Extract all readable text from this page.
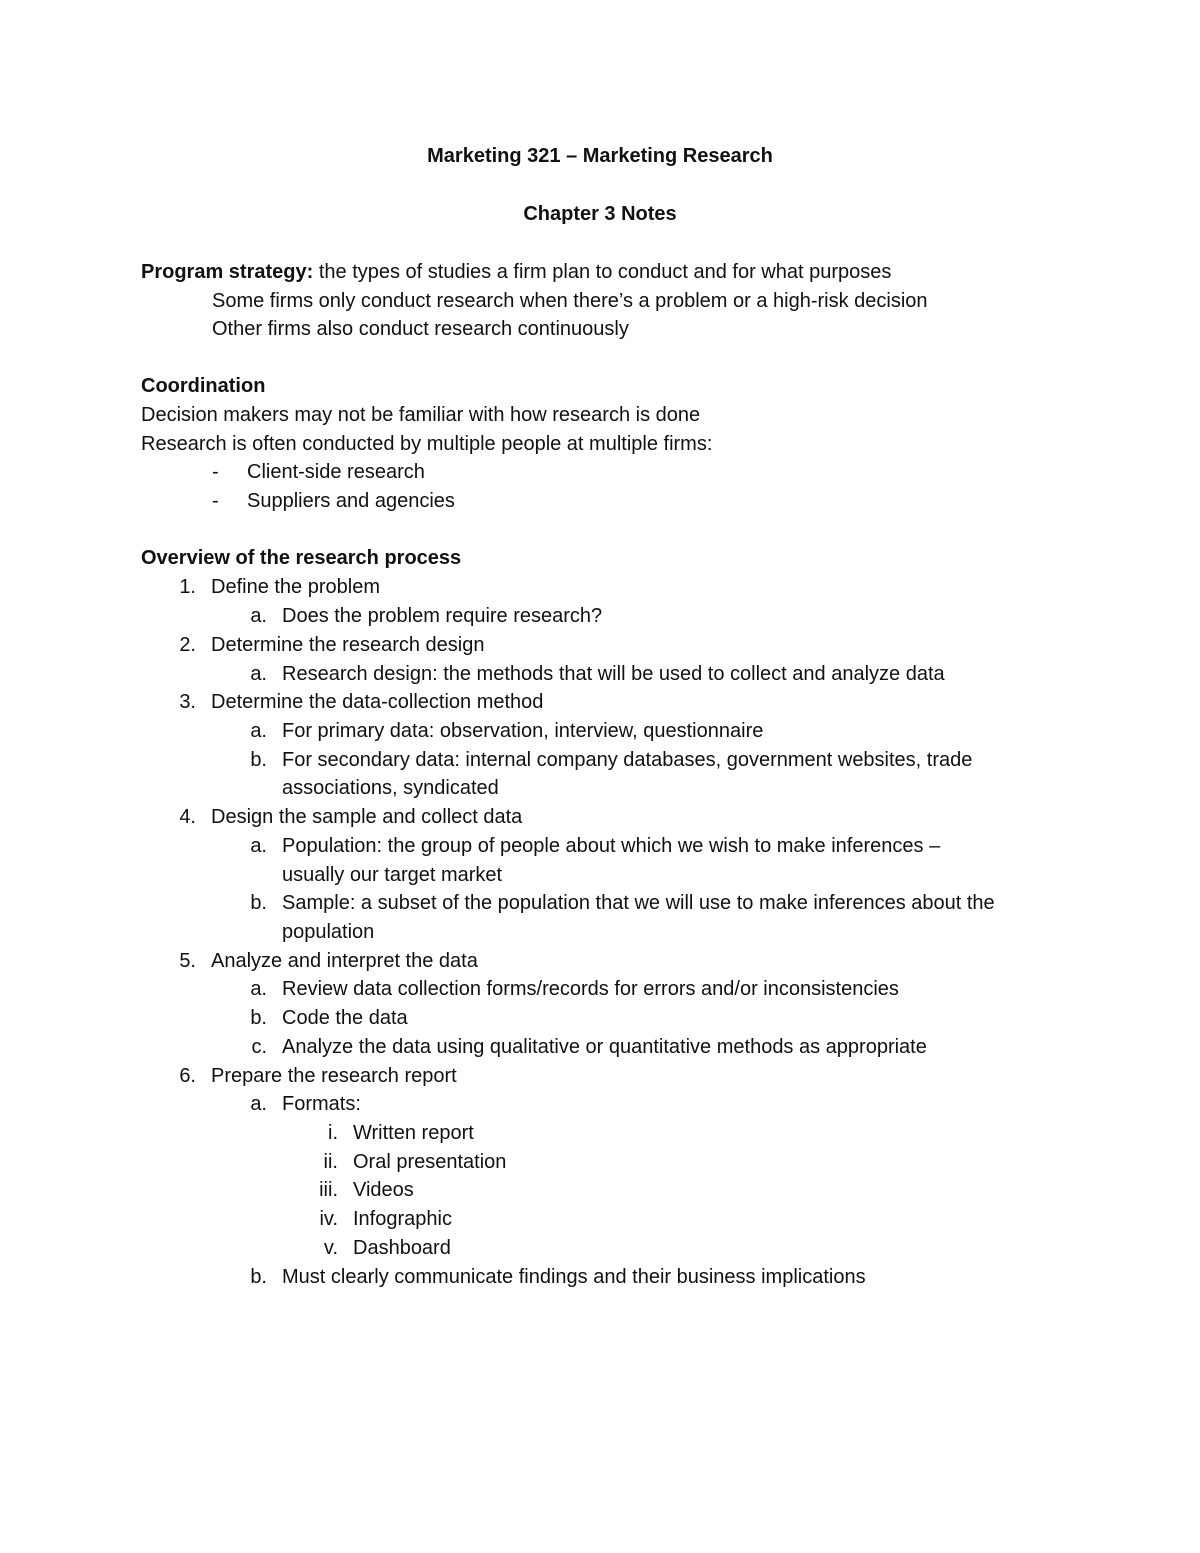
Marketing 321 – Marketing Research
Chapter 3 Notes
Program strategy: the types of studies a firm plan to conduct and for what purposes
Some firms only conduct research when there’s a problem or a high-risk decision
Other firms also conduct research continuously
Coordination
Decision makers may not be familiar with how research is done
Research is often conducted by multiple people at multiple firms:
- Client-side research
- Suppliers and agencies
Overview of the research process
1. Define the problem
a. Does the problem require research?
2. Determine the research design
a. Research design: the methods that will be used to collect and analyze data
3. Determine the data-collection method
a. For primary data: observation, interview, questionnaire
b. For secondary data: internal company databases, government websites, trade
associations, syndicated
4. Design the sample and collect data
a. Population: the group of people about which we wish to make inferences –
usually our target market
b. Sample: a subset of the population that we will use to make inferences about the
population
5. Analyze and interpret the data
a. Review data collection forms/records for errors and/or inconsistencies
b. Code the data
c. Analyze the data using qualitative or quantitative methods as appropriate
6. Prepare the research report
a. Formats:
i. Written report
ii. Oral presentation
iii. Videos
iv. Infographic
v. Dashboard
b. Must clearly communicate findings and their business implications
